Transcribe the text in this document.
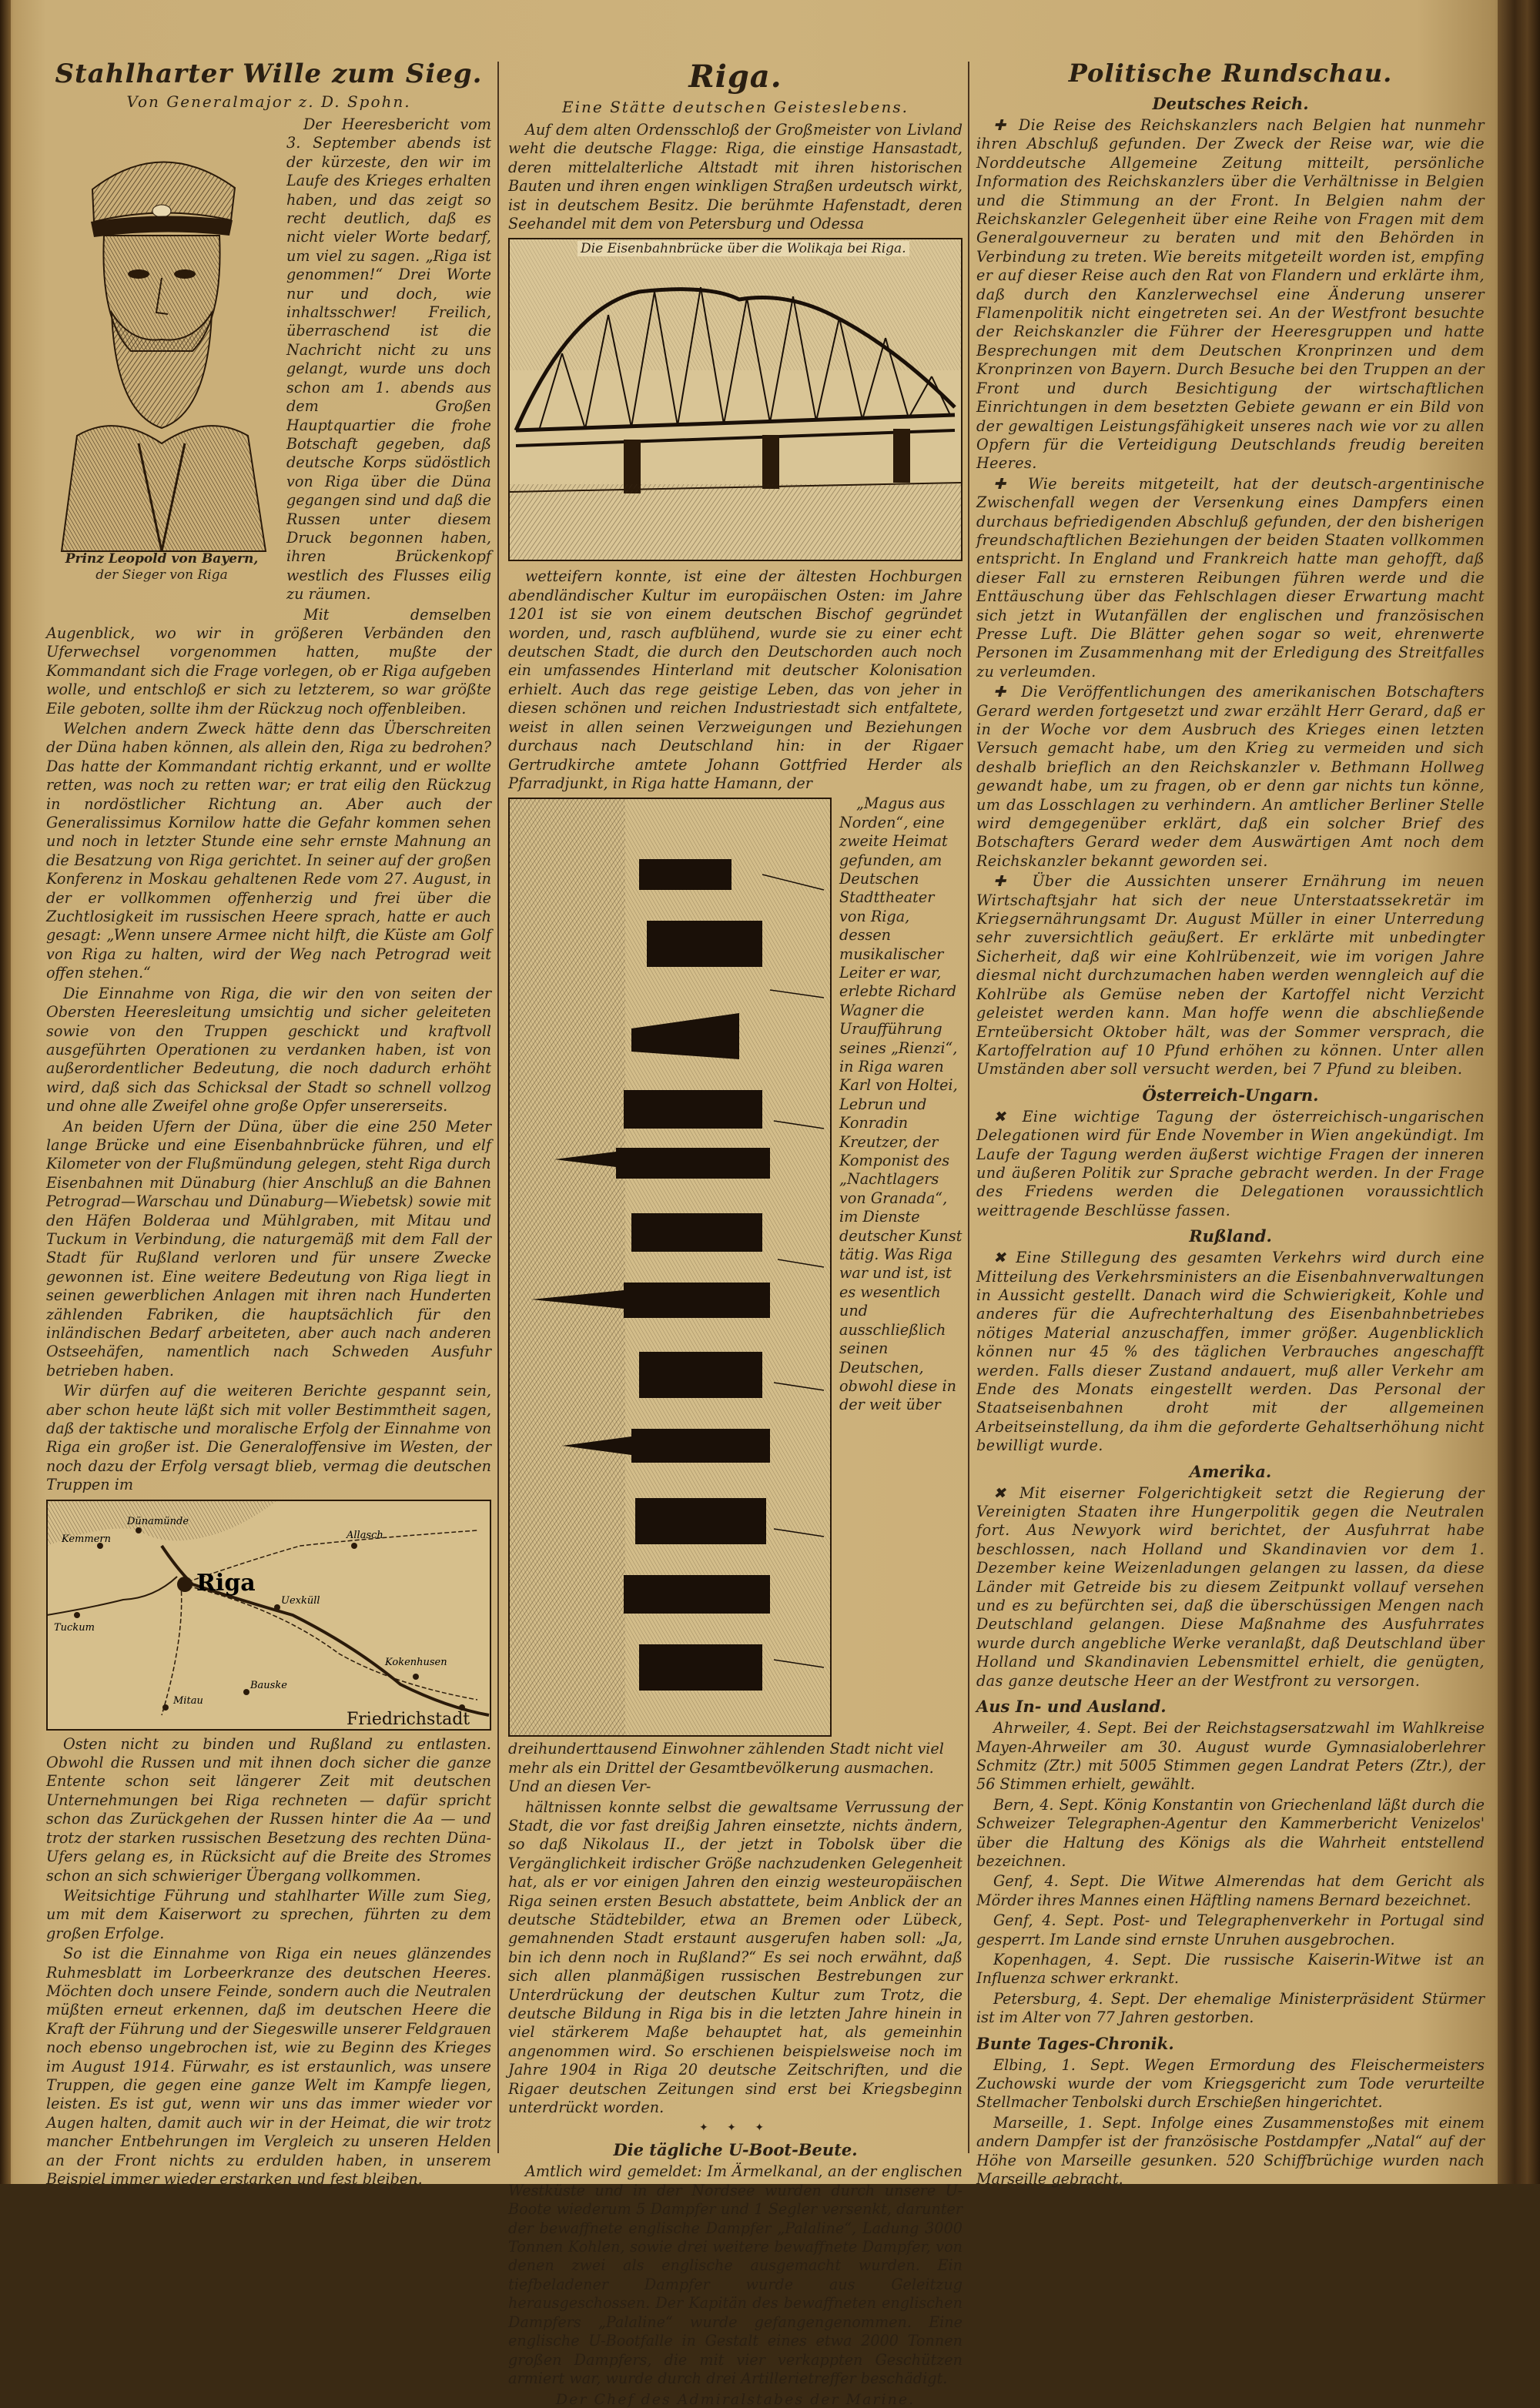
Stahlharter Wille zum Sieg.
Von Generalmajor z. D. Spohn.
Prinz Leopold von Bayern,
der Sieger von Riga

Der Heeresbericht vom 3. September abends ist der kürzeste, den wir im Laufe des Krieges erhalten haben, und das zeigt so recht deutlich, daß es nicht vieler Worte bedarf, um viel zu sagen. „Riga ist genommen!“ Drei Worte nur und doch, wie inhaltsschwer! Freilich, überraschend ist die Nachricht nicht zu uns gelangt, wurde uns doch schon am 1. abends aus dem Großen Hauptquartier die frohe Botschaft gegeben, daß deutsche Korps südöstlich von Riga über die Düna gegangen sind und daß die Russen unter diesem Druck begonnen haben, ihren Brückenkopf westlich des Flusses eilig zu räumen.

Mit demselben Augenblick, wo wir in größeren Verbänden den Uferwechsel vorgenommen hatten, mußte der Kommandant sich die Frage vorlegen, ob er Riga aufgeben wolle, und entschloß er sich zu letzterem, so war größte Eile geboten, sollte ihm der Rückzug noch offenbleiben.

Welchen andern Zweck hätte denn das Überschreiten der Düna haben können, als allein den, Riga zu bedrohen? Das hatte der Kommandant richtig erkannt, und er wollte retten, was noch zu retten war; er trat eilig den Rückzug in nordöstlicher Richtung an. Aber auch der Generalissimus Kornilow hatte die Gefahr kommen sehen und noch in letzter Stunde eine sehr ernste Mahnung an die Besatzung von Riga gerichtet. In seiner auf der großen Konferenz in Moskau gehaltenen Rede vom 27. August, in der er vollkommen offenherzig und frei über die Zuchtlosigkeit im russischen Heere sprach, hatte er auch gesagt: „Wenn unsere Armee nicht hilft, die Küste am Golf von Riga zu halten, wird der Weg nach Petrograd weit offen stehen.“

Die Einnahme von Riga, die wir den von seiten der Obersten Heeresleitung umsichtig und sicher geleiteten sowie von den Truppen geschickt und kraftvoll ausgeführten Operationen zu verdanken haben, ist von außerordentlicher Bedeutung, die noch dadurch erhöht wird, daß sich das Schicksal der Stadt so schnell vollzog und ohne alle Zweifel ohne große Opfer unsererseits.

An beiden Ufern der Düna, über die eine 250 Meter lange Brücke und eine Eisenbahnbrücke führen, und elf Kilometer von der Flußmündung gelegen, steht Riga durch Eisenbahnen mit Dünaburg (hier Anschluß an die Bahnen Petrograd—Warschau und Dünaburg—Wiebetsk) sowie mit den Häfen Bolderaa und Mühlgraben, mit Mitau und Tuckum in Verbindung, die naturgemäß mit dem Fall der Stadt für Rußland verloren und für unsere Zwecke gewonnen ist. Eine weitere Bedeutung von Riga liegt in seinen gewerblichen Anlagen mit ihren nach Hunderten zählenden Fabriken, die hauptsächlich für den inländischen Bedarf arbeiteten, aber auch nach anderen Ostseehäfen, namentlich nach Schweden Ausfuhr betrieben haben.

Wir dürfen auf die weiteren Berichte gespannt sein, aber schon heute läßt sich mit voller Bestimmtheit sagen, daß der taktische und moralische Erfolg der Einnahme von Riga ein großer ist. Die Generaloffensive im Westen, der noch dazu der Erfolg versagt blieb, vermag die deutschen Truppen im

Kemmern
Dünamünde
Riga
Allasch
Uexküll
Kokenhusen
Friedrichstadt
Mitau
Tuckum
Bauske

Osten nicht zu binden und Rußland zu entlasten. Obwohl die Russen und mit ihnen doch sicher die ganze Entente schon seit längerer Zeit mit deutschen Unternehmungen bei Riga rechneten — dafür spricht schon das Zurückgehen der Russen hinter die Aa — und trotz der starken russischen Besetzung des rechten Düna-Ufers gelang es, in Rücksicht auf die Breite des Stromes schon an sich schwieriger Übergang vollkommen.

Weitsichtige Führung und stahlharter Wille zum Sieg, um mit dem Kaiserwort zu sprechen, führten zu dem großen Erfolge.

So ist die Einnahme von Riga ein neues glänzendes Ruhmesblatt im Lorbeerkranze des deutschen Heeres. Möchten doch unsere Feinde, sondern auch die Neutralen müßten erneut erkennen, daß im deutschen Heere die Kraft der Führung und der Siegeswille unserer Feldgrauen noch ebenso ungebrochen ist, wie zu Beginn des Krieges im August 1914. Fürwahr, es ist erstaunlich, was unsere Truppen, die gegen eine ganze Welt im Kampfe liegen, leisten. Es ist gut, wenn wir uns das immer wieder vor Augen halten, damit auch wir in der Heimat, die wir trotz mancher Entbehrungen im Vergleich zu unseren Helden an der Front nichts zu erdulden haben, in unserem Beispiel immer wieder erstarken und fest bleiben.

Riga.
Eine Stätte deutschen Geisteslebens.

Auf dem alten Ordensschloß der Großmeister von Livland weht die deutsche Flagge: Riga, die einstige Hansastadt, deren mittelalterliche Altstadt mit ihren historischen Bauten und ihren engen winkligen Straßen urdeutsch wirkt, ist in deutschem Besitz. Die berühmte Hafenstadt, deren Seehandel mit dem von Petersburg und Odessa

Die Eisenbahnbrücke über die Wolikaja bei Riga.

wetteifern konnte, ist eine der ältesten Hochburgen abendländischer Kultur im europäischen Osten: im Jahre 1201 ist sie von einem deutschen Bischof gegründet worden, und, rasch aufblühend, wurde sie zu einer echt deutschen Stadt, die durch den Deutschorden auch noch ein umfassendes Hinterland mit deutscher Kolonisation erhielt. Auch das rege geistige Leben, das von jeher in diesen schönen und reichen Industriestadt sich entfaltete, weist in allen seinen Verzweigungen und Beziehungen durchaus nach Deutschland hin: in der Rigaer Gertrudkirche amtete Johann Gottfried Herder als Pfarradjunkt, in Riga hatte Hamann, der

„Magus aus Norden“, eine zweite Heimat gefunden, am Deutschen Stadttheater von Riga, dessen musikalischer Leiter er war, erlebte Richard Wagner die Uraufführung seines „Rienzi“, in Riga waren Karl von Holtei, Lebrun und Konradin Kreutzer, der Komponist des „Nachtlagers von Granada“, im Dienste deutscher Kunst tätig. Was Riga war und ist, ist es wesentlich und ausschließlich seinen Deutschen, obwohl diese in der weit über dreihunderttausend Einwohner zählenden Stadt nicht viel mehr als ein Drittel der Gesamtbevölkerung ausmachen. Und an diesen Ver-

hältnissen konnte selbst die gewaltsame Verrussung der Stadt, die vor fast dreißig Jahren einsetzte, nichts ändern, so daß Nikolaus II., der jetzt in Tobolsk über die Vergänglichkeit irdischer Größe nachzudenken Gelegenheit hat, als er vor einigen Jahren den einzig westeuropäischen Riga seinen ersten Besuch abstattete, beim Anblick der an deutsche Städtebilder, etwa an Bremen oder Lübeck, gemahnenden Stadt erstaunt ausgerufen haben soll: „Ja, bin ich denn noch in Rußland?“ Es sei noch erwähnt, daß sich allen planmäßigen russischen Bestrebungen zur Unterdrückung der deutschen Kultur zum Trotz, die deutsche Bildung in Riga bis in die letzten Jahre hinein in viel stärkerem Maße behauptet hat, als gemeinhin angenommen wird. So erschienen beispielsweise noch im Jahre 1904 in Riga 20 deutsche Zeitschriften, und die Rigaer deutschen Zeitungen sind erst bei Kriegsbeginn unterdrückt worden.

✦ ✦ ✦
Die tägliche U-Boot-Beute.

Amtlich wird gemeldet: Im Ärmelkanal, an der englischen Westküste und in der Nordsee wurden durch unsere U-Boote wiederum 5 Dampfer und 1 Segler versenkt, darunter der bewaffnete englische Dampfer „Palaline“, Ladung 3000 Tonnen Kohlen, sowie drei weitere bewaffnete Dampfer, von denen zwei als englische ausgemacht wurden. Ein tiefbeladener Dampfer wurde aus Geleitzug herausgeschossen. Der Kapitän des bewaffneten englischen Dampfers „Palaline“ wurde gefangengenommen. Eine englische U-Bootfalle in Gestalt eines etwa 2000 Tonnen großen Dampfers, die mit vier verkappten Geschützen armiert war, wurde durch drei Artillerietreffer beschädigt.

Der Chef des Admiralstabes der Marine.
Politische Rundschau.
Deutsches Reich.

✚ Die Reise des Reichskanzlers nach Belgien hat nunmehr ihren Abschluß gefunden. Der Zweck der Reise war, wie die Norddeutsche Allgemeine Zeitung mitteilt, persönliche Information des Reichskanzlers über die Verhältnisse in Belgien und die Stimmung an der Front. In Belgien nahm der Reichskanzler Gelegenheit über eine Reihe von Fragen mit dem Generalgouverneur zu beraten und mit den Behörden in Verbindung zu treten. Wie bereits mitgeteilt worden ist, empfing er auf dieser Reise auch den Rat von Flandern und erklärte ihm, daß durch den Kanzlerwechsel eine Änderung unserer Flamenpolitik nicht eingetreten sei. An der Westfront besuchte der Reichskanzler die Führer der Heeresgruppen und hatte Besprechungen mit dem Deutschen Kronprinzen und dem Kronprinzen von Bayern. Durch Besuche bei den Truppen an der Front und durch Besichtigung der wirtschaftlichen Einrichtungen in dem besetzten Gebiete gewann er ein Bild von der gewaltigen Leistungsfähigkeit unseres nach wie vor zu allen Opfern für die Verteidigung Deutschlands freudig bereiten Heeres.

✚ Wie bereits mitgeteilt, hat der deutsch-argentinische Zwischenfall wegen der Versenkung eines Dampfers einen durchaus befriedigenden Abschluß gefunden, der den bisherigen freundschaftlichen Beziehungen der beiden Staaten vollkommen entspricht. In England und Frankreich hatte man gehofft, daß dieser Fall zu ernsteren Reibungen führen werde und die Enttäuschung über das Fehlschlagen dieser Erwartung macht sich jetzt in Wutanfällen der englischen und französischen Presse Luft. Die Blätter gehen sogar so weit, ehrenwerte Personen im Zusammenhang mit der Erledigung des Streitfalles zu verleumden.

✚ Die Veröffentlichungen des amerikanischen Botschafters Gerard werden fortgesetzt und zwar erzählt Herr Gerard, daß er in der Woche vor dem Ausbruch des Krieges einen letzten Versuch gemacht habe, um den Krieg zu vermeiden und sich deshalb brieflich an den Reichskanzler v. Bethmann Hollweg gewandt habe, um zu fragen, ob er denn gar nichts tun könne, um das Losschlagen zu verhindern. An amtlicher Berliner Stelle wird demgegenüber erklärt, daß ein solcher Brief des Botschafters Gerard weder dem Auswärtigen Amt noch dem Reichskanzler bekannt geworden sei.

✚ Über die Aussichten unserer Ernährung im neuen Wirtschaftsjahr hat sich der neue Unterstaatssekretär im Kriegsernährungsamt Dr. August Müller in einer Unterredung sehr zuversichtlich geäußert. Er erklärte mit unbedingter Sicherheit, daß wir eine Kohlrübenzeit, wie im vorigen Jahre diesmal nicht durchzumachen haben werden wenngleich auf die Kohlrübe als Gemüse neben der Kartoffel nicht Verzicht geleistet werden kann. Man hoffe wenn die abschließende Ernteübersicht Oktober hält, was der Sommer versprach, die Kartoffelration auf 10 Pfund erhöhen zu können. Unter allen Umständen aber soll versucht werden, bei 7 Pfund zu bleiben.

Österreich-Ungarn.

✖ Eine wichtige Tagung der österreichisch-ungarischen Delegationen wird für Ende November in Wien angekündigt. Im Laufe der Tagung werden äußerst wichtige Fragen der inneren und äußeren Politik zur Sprache gebracht werden. In der Frage des Friedens werden die Delegationen voraussichtlich weittragende Beschlüsse fassen.

Rußland.

✖ Eine Stillegung des gesamten Verkehrs wird durch eine Mitteilung des Verkehrsministers an die Eisenbahnverwaltungen in Aussicht gestellt. Danach wird die Schwierigkeit, Kohle und anderes für die Aufrechterhaltung des Eisenbahnbetriebes nötiges Material anzuschaffen, immer größer. Augenblicklich können nur 45 % des täglichen Verbrauches angeschafft werden. Falls dieser Zustand andauert, muß aller Verkehr am Ende des Monats eingestellt werden. Das Personal der Staatseisenbahnen droht mit der allgemeinen Arbeitseinstellung, da ihm die geforderte Gehaltserhöhung nicht bewilligt wurde.

Amerika.

✖ Mit eiserner Folgerichtigkeit setzt die Regierung der Vereinigten Staaten ihre Hungerpolitik gegen die Neutralen fort. Aus Newyork wird berichtet, der Ausfuhrrat habe beschlossen, nach Holland und Skandinavien vor dem 1. Dezember keine Weizenladungen gelangen zu lassen, da diese Länder mit Getreide bis zu diesem Zeitpunkt vollauf versehen und es zu befürchten sei, daß die überschüssigen Mengen nach Deutschland gelangen. Diese Maßnahme des Ausfuhrrates wurde durch angebliche Werke veranlaßt, daß Deutschland über Holland und Skandinavien Lebensmittel erhielt, die genügten, das ganze deutsche Heer an der Westfront zu versorgen.

Aus In- und Ausland.

Ahrweiler, 4. Sept. Bei der Reichstagsersatzwahl im Wahlkreise Mayen-Ahrweiler am 30. August wurde Gymnasialoberlehrer Schmitz (Ztr.) mit 5005 Stimmen gegen Landrat Peters (Ztr.), der 56 Stimmen erhielt, gewählt.

Bern, 4. Sept. König Konstantin von Griechenland läßt durch die Schweizer Telegraphen-Agentur den Kammerbericht Venizelos' über die Haltung des Königs als die Wahrheit entstellend bezeichnen.

Genf, 4. Sept. Die Witwe Almerendas hat dem Gericht als Mörder ihres Mannes einen Häftling namens Bernard bezeichnet.

Genf, 4. Sept. Post- und Telegraphenverkehr in Portugal sind gesperrt. Im Lande sind ernste Unruhen ausgebrochen.

Kopenhagen, 4. Sept. Die russische Kaiserin-Witwe ist an Influenza schwer erkrankt.

Petersburg, 4. Sept. Der ehemalige Ministerpräsident Stürmer ist im Alter von 77 Jahren gestorben.

Bunte Tages-Chronik.

Elbing, 1. Sept. Wegen Ermordung des Fleischermeisters Zuchowski wurde der vom Kriegsgericht zum Tode verurteilte Stellmacher Tenbolski durch Erschießen hingerichtet.

Marseille, 1. Sept. Infolge eines Zusammenstoßes mit einem andern Dampfer ist der französische Postdampfer „Natal“ auf der Höhe von Marseille gesunken. 520 Schiffbrüchige wurden nach Marseille gebracht.
